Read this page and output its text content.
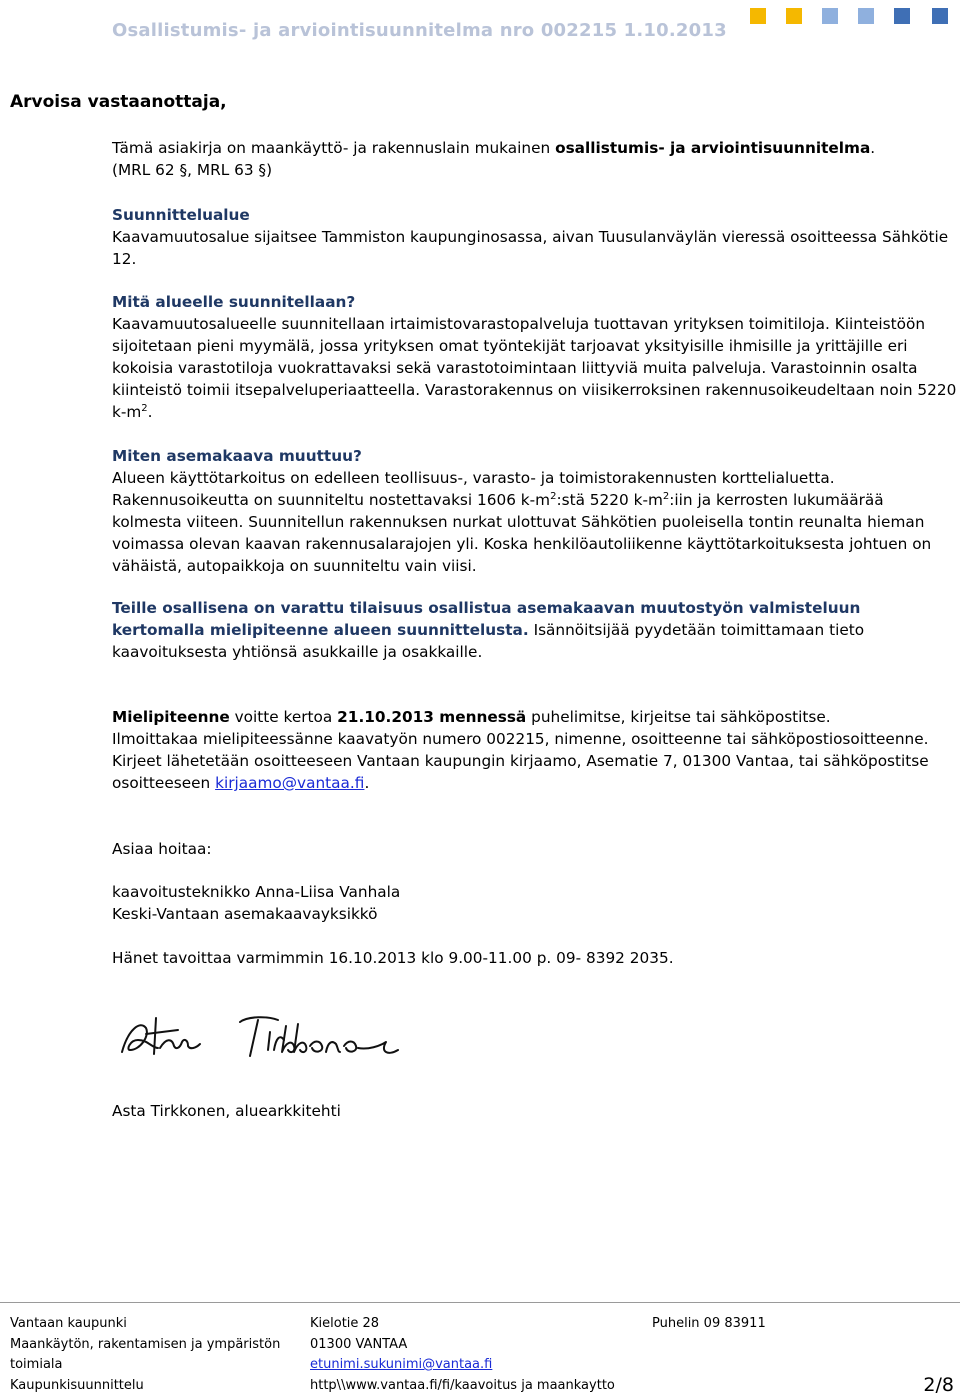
Osallistumis- ja arviointisuunnitelma nro 002215 1.10.2013
Arvoisa vastaanottaja,
Tämä asiakirja on maankäyttö- ja rakennuslain mukainen osallistumis- ja arviointisuunnitelma.
(MRL 62 §, MRL 63 §)
Suunnittelualue

Kaavamuutosalue sijaitsee Tammiston kaupunginosassa, aivan Tuusulanväylän vieressä osoitteessa Sähkötie 12.

Mitä alueelle suunnitellaan?

Kaavamuutosalueelle suunnitellaan irtaimistovarastopalveluja tuottavan yrityksen toimitiloja. Kiinteistöön sijoitetaan pieni myymälä, jossa yrityksen omat työntekijät tarjoavat yksityisille ihmisille ja yrittäjille eri kokoisia varastotiloja vuokrattavaksi sekä varastotoimintaan liittyviä muita palveluja. Varastoinnin osalta kiinteistö toimii itsepalveluperiaatteella. Varastorakennus on viisikerroksinen rakennusoikeudeltaan noin 5220 $k-m^2$.

Miten asemakaava muuttuu?

Alueen käyttötarkoitus on edelleen teollisuus-, varasto- ja toimistorakennusten korttelialuetta.

Rakennusoikeutta on suunniteltu nostettavaksi 1606 $k-m^2:stä$ 5220 $k-m^2:iin$ ja kerrosten lukumäärää kolmesta viiteen. Suunnitellun rakennuksen nurkat ulottuvat Sähkötien puoleisella tontin reunalta hieman voimassa olevan kaavan rakennusalarajojen yli. Koska henkilöautoliikenne käyttötarkoituksesta johtuen on vähäistä, autopaikkoja on suunniteltu vain viisi.

Teille osallisena on varattu tilaisuus osallistua asemakaavan muutostyön valmisteluun kertomalla mielipiteenne alueen suunnittelusta. Isännöitsijää pyydetään toimittamaan tieto kaavoituksesta yhtiönsä asukkaille ja osakkaille.

Mielipiteenne voitte kertoa 21.10.2013 mennessä puhelimitse, kirjeitse tai sähköpostitse.

Ilmoittakaa mielipiteessänne kaavatyön numero 002215, nimenne, osoitteenne tai sähköpostiosoitteenne.

Kirjeet lähetetään osoitteeseen Vantaan kaupungin kirjaamo, Asematie 7, 01300 Vantaa, tai sähköpostitse osoitteeseen kirjaamo@vantaa.fi.

Asiaa hoitaa:
kaavoitusteknikko Anna-Liisa Vanhala
Keski-Vantaan asemakaavayksikkö
Hänet tavoittaa varmimmin 16.10.2013 klo 9.00-11.00 p. 09- 8392 2035.
Asta Tirkkonen, aluearkkitehti
Vantaan kaupunki
Maankäytön, rakentamisen ja ympäristön
toimiala
Kaupunkisuunnittelu
Kielotie 28
01300 VANTAA
etunimi.sukunimi@vantaa.fi
http\\www.vantaa.fi/fi/kaavoitus ja maankaytto
Puhelin 09 83911
2/8
